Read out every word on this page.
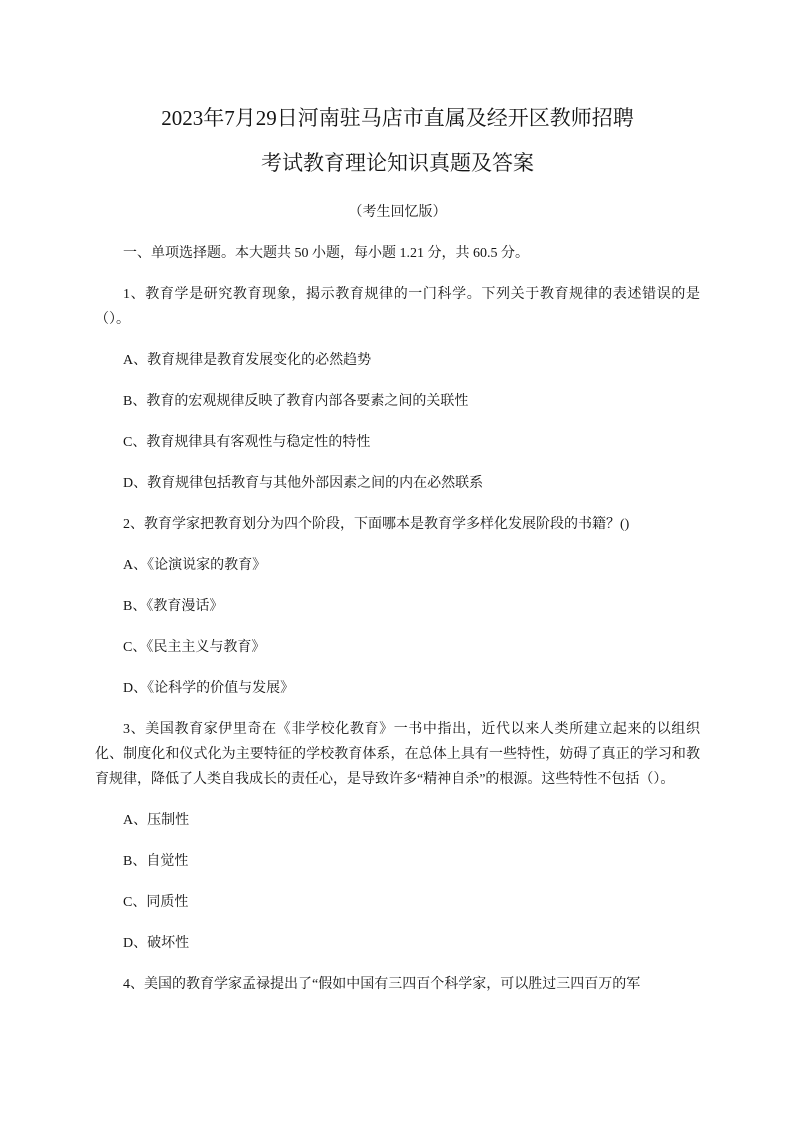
2023年7月29日河南驻马店市直属及经开区教师招聘
考试教育理论知识真题及答案

（考生回忆版）

一、单项选择题。本大题共 50 小题，每小题 1.21 分，共 60.5 分。

1、教育学是研究教育现象，揭示教育规律的一门科学。下列关于教育规律的表述错误的是（）。

A、教育规律是教育发展变化的必然趋势

B、教育的宏观规律反映了教育内部各要素之间的关联性

C、教育规律具有客观性与稳定性的特性

D、教育规律包括教育与其他外部因素之间的内在必然联系

2、教育学家把教育划分为四个阶段，下面哪本是教育学多样化发展阶段的书籍？()

A、《论演说家的教育》

B、《教育漫话》

C、《民主主义与教育》

D、《论科学的价值与发展》

3、美国教育家伊里奇在《非学校化教育》一书中指出，近代以来人类所建立起来的以组织化、制度化和仪式化为主要特征的学校教育体系，在总体上具有一些特性，妨碍了真正的学习和教育规律，降低了人类自我成长的责任心，是导致许多“精神自杀”的根源。这些特性不包括（）。

A、压制性

B、自觉性

C、同质性

D、破坏性

4、美国的教育学家孟禄提出了“假如中国有三四百个科学家，可以胜过三四百万的军
